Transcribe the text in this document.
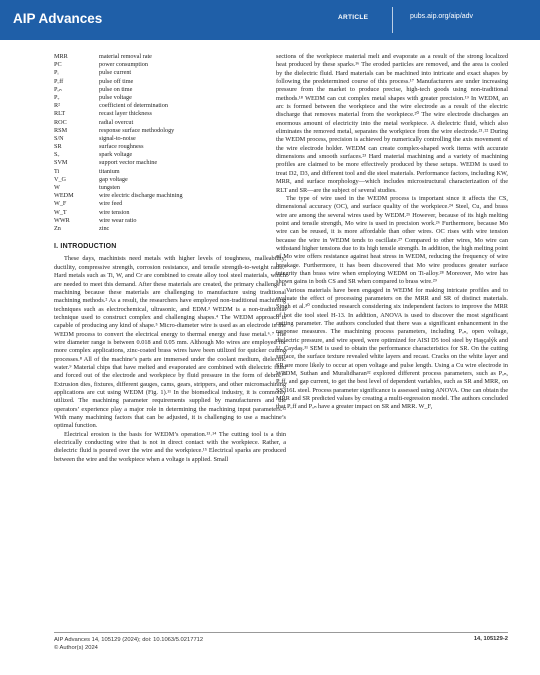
AIP Advances	ARTICLE	pubs.aip.org/aip/adv
MRR	material removal rate
PC	power consumption
Pᵢ	pulse current
Pₒff	pulse off time
Pₒₙ	pulse on time
Pᵥ	pulse voltage
R²	coefficient of determination
RLT	recast layer thickness
ROC	radial overcut
RSM	response surface methodology
S/N	signal-to-noise
SR	surface roughness
Sᵥ	spark voltage
SVM	support vector machine
Ti	titanium
V_G	gap voltage
W	tungsten
WEDM	wire electric discharge machining
W_F	wire feed
W_T	wire tension
WWR	wire wear ratio
Zn	zinc
I. INTRODUCTION

These days, machinists need metals with higher levels of toughness, malleability, ductility, compressive strength, corrosion resistance, and tensile strength-to-weight ratio.¹ Hard metals such as Ti, W, and Cr are combined to create alloy tool steel materials, which are needed to meet this demand. After these materials are created, the primary challenge is machining because these materials are challenging to manufacture using traditional machining methods.² As a result, the researchers have employed non-traditional machining techniques such as electrochemical, ultrasonic, and EDM.³ WEDM is a non-traditional technique used to construct complex and challenging shapes.⁴ The WEDM approach is capable of producing any kind of shape.⁵ Micro-diameter wire is used as an electrode in the WEDM process to convert the electrical energy to thermal energy and fuse metal.⁶˒⁷ The wire diameter range is between 0.018 and 0.05 mm. Although Mo wires are employed for more complex applications, zinc-coated brass wires have been utilized for quicker cutting processes.⁸ All of the machine’s parts are immersed under the coolant medium, dielectric water.⁹ Material chips that have melted and evaporated are combined with dielectric fluid and forced out of the electrode and workpiece by fluid pressure in the form of debris.¹⁰ Extrusion dies, fixtures, different gauges, cams, gears, strippers, and other micromachining applications are cut using WEDM (Fig. 1).¹¹ In the biomedical industry, it is commonly utilized. The machining parameter requirements supplied by manufacturers and the operators’ experience play a major role in determining the machining input parameters.¹² With many machining factors that can be adjusted, it is challenging to use a machine’s optimal function.

Electrical erosion is the basis for WEDM’s operation.¹³˒¹⁴ The cutting tool is a thin electrically conducting wire that is not in direct contact with the workpiece. Rather, a dielectric fluid is poured over the wire and the workpiece.¹⁵ Electrical sparks are produced between the wire and the workpiece when a voltage is applied. Small

sections of the workpiece material melt and evaporate as a result of the strong localized heat produced by these sparks.¹⁶ The eroded particles are removed, and the area is cooled by the dielectric fluid. Hard materials can be machined into intricate and exact shapes by following the predetermined course of this process.¹⁷ Manufacturers are under increasing pressure from the market to produce precise, high-tech goods using non-traditional methods.¹⁸ WEDM can cut complex metal shapes with greater precision.¹⁹ In WEDM, an arc is formed between the workpiece and the wire electrode as a result of the electric discharge that removes material from the workpiece.²⁰ The wire electrode discharges an enormous amount of electricity into the metal workpiece. A dielectric fluid, which also eliminates the removed metal, separates the workpiece from the wire electrode.²¹˒²² During the WEDM process, precision is achieved by numerically controlling the axis movement of the wire electrode holder. WEDM can create complex-shaped work items with accurate dimensions and smooth surfaces.²³ Hard material machining and a variety of machining profiles are claimed to be more effectively produced by these setups. WEDM is used to treat D2, D3, and different tool and die steel materials. Performance factors, including KW, MRR, and surface morphology—which includes microstructural characterization of the RLT and SR—are the subject of several studies.

The type of wire used in the WEDM process is important since it affects the CS, dimensional accuracy (OC), and surface quality of the workpiece.²⁴ Steel, Cu, and brass wire are among the several wires used by WEDM.²⁵ However, because of its high melting point and tensile strength, Mo wire is used in precision work.²⁶ Furthermore, because Mo wire can be reused, it is more affordable than other wires. OC rises with wire tension because the wire in WEDM tends to oscillate.²⁷ Compared to other wires, Mo wire can withstand higher tensions due to its high tensile strength. In addition, the high melting point of Mo wire offers resistance against heat stress in WEDM, reducing the frequency of wire breakage. Furthermore, it has been discovered that Mo wire produces greater surface integrity than brass wire when employing WEDM on Ti-alloy.²⁸ Moreover, Mo wire has shown gains in both CS and SR when compared to brass wire.²⁹

Various materials have been engaged in WEDM for making intricate profiles and to evaluate the effect of processing parameters on the MRR and SR of distinct materials. Singh et al.³⁰ conducted research considering six independent factors to improve the MRR of hot die tool steel H-13. In addition, ANOVA is used to discover the most significant cutting parameter. The authors concluded that there was a significant enhancement in the response measures. The machining process parameters, including Pₒₙ, open voltage, dielectric pressure, and wire speed, were optimized for AISI D5 tool steel by Haşçalýk and U. Çaydaş.³¹ SEM is used to obtain the performance characteristics for SR. On the cutting surface, the surface texture revealed white layers and recast. Cracks on the white layer and SR are more likely to occur at open voltage and pulse length. Using a Cu wire electrode in WEDM, Suthan and Muralidharan³² explored different process parameters, such as Pₒₙ, Pₒff, and gap current, to get the best level of dependent variables, such as SR and MRR, on SS316L steel. Process parameter significance is assessed using ANOVA. One can obtain the MRR and SR predicted values by creating a multi-regression model. The authors concluded that Pₒff and Pₒₙ have a greater impact on SR and MRR. W_F,

AIP Advances 14, 105129 (2024); doi: 10.1063/5.0217712
© Author(s) 2024
14, 105129-2
